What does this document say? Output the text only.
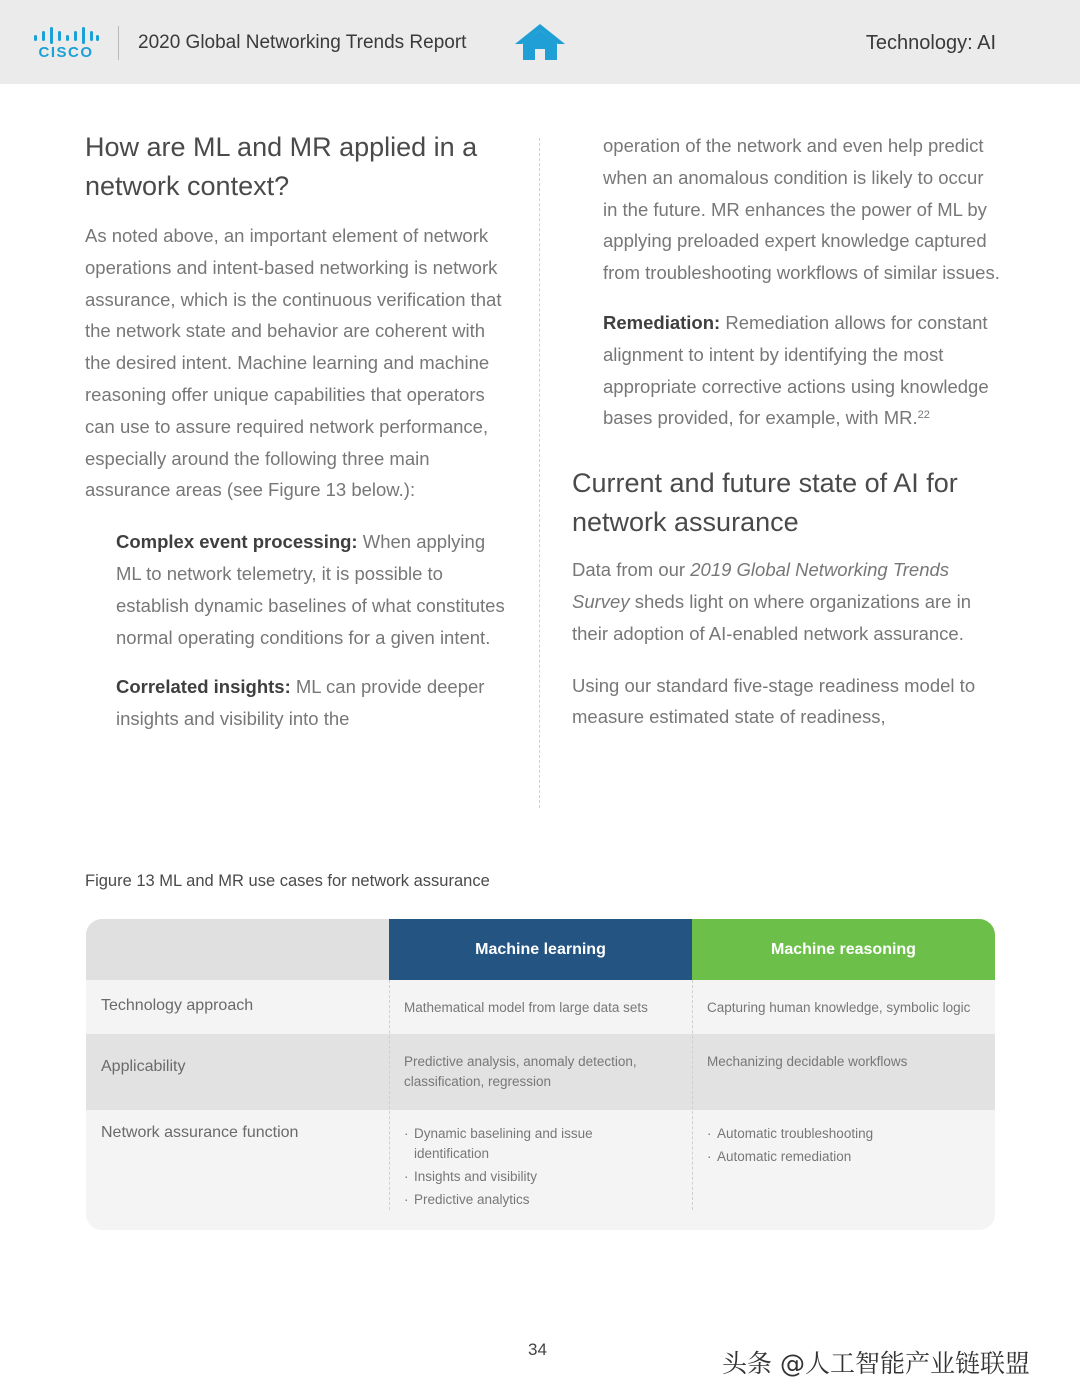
CISCO	2020 Global Networking Trends Report	Technology: AI
How are ML and MR applied in a network context?

As noted above, an important element of network operations and intent-based networking is network assurance, which is the continuous verification that the network state and behavior are coherent with the desired intent. Machine learning and machine reasoning offer unique capabilities that operators can use to assure required network performance, especially around the following three main assurance areas (see Figure 13 below.):

Complex event processing: When applying ML to network telemetry, it is possible to establish dynamic baselines of what constitutes normal operating conditions for a given intent.

Correlated insights: ML can provide deeper insights and visibility into the

operation of the network and even help predict when an anomalous condition is likely to occur in the future. MR enhances the power of ML by applying preloaded expert knowledge captured from troubleshooting workflows of similar issues.

Remediation: Remediation allows for constant alignment to intent by identifying the most appropriate corrective actions using knowledge bases provided, for example, with MR.$^{22}$

Current and future state of AI for network assurance

Data from our 2019 Global Networking Trends Survey sheds light on where organizations are in their adoption of AI-enabled network assurance.

Using our standard five-stage readiness model to measure estimated state of readiness,

Figure 13 ML and MR use cases for network assurance
Machine learning	Machine reasoning
Technology approach	Mathematical model from large data sets	Capturing human knowledge, symbolic logic
Applicability	Predictive analysis, anomaly detection, classification, regression
Mechanizing decidable workflows
Network assurance function
·	Dynamic baselining and issue identification
· Insights and visibility
· Predictive analytics
· Automatic troubleshooting
· Automatic remediation
34	头条 @人工智能产业链联盟
